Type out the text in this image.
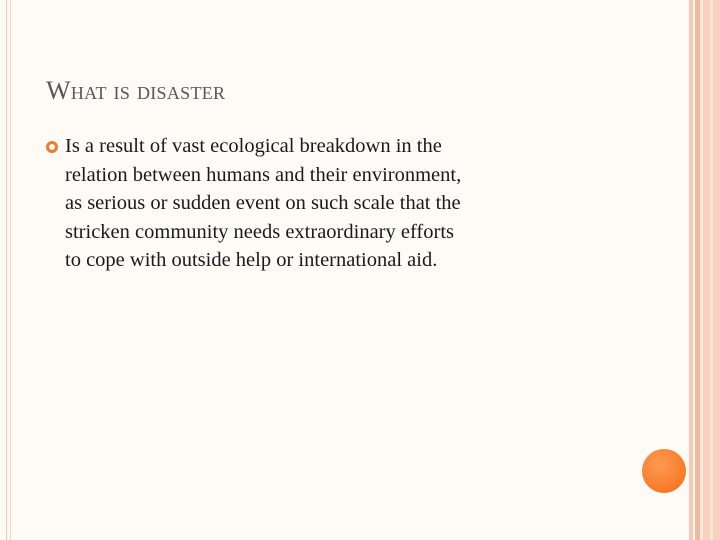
What is disaster
Is a result of vast ecological breakdown in the
relation between humans and their environment,
as serious or sudden event on such scale that the
stricken community needs extraordinary efforts
to cope with outside help or international aid.
